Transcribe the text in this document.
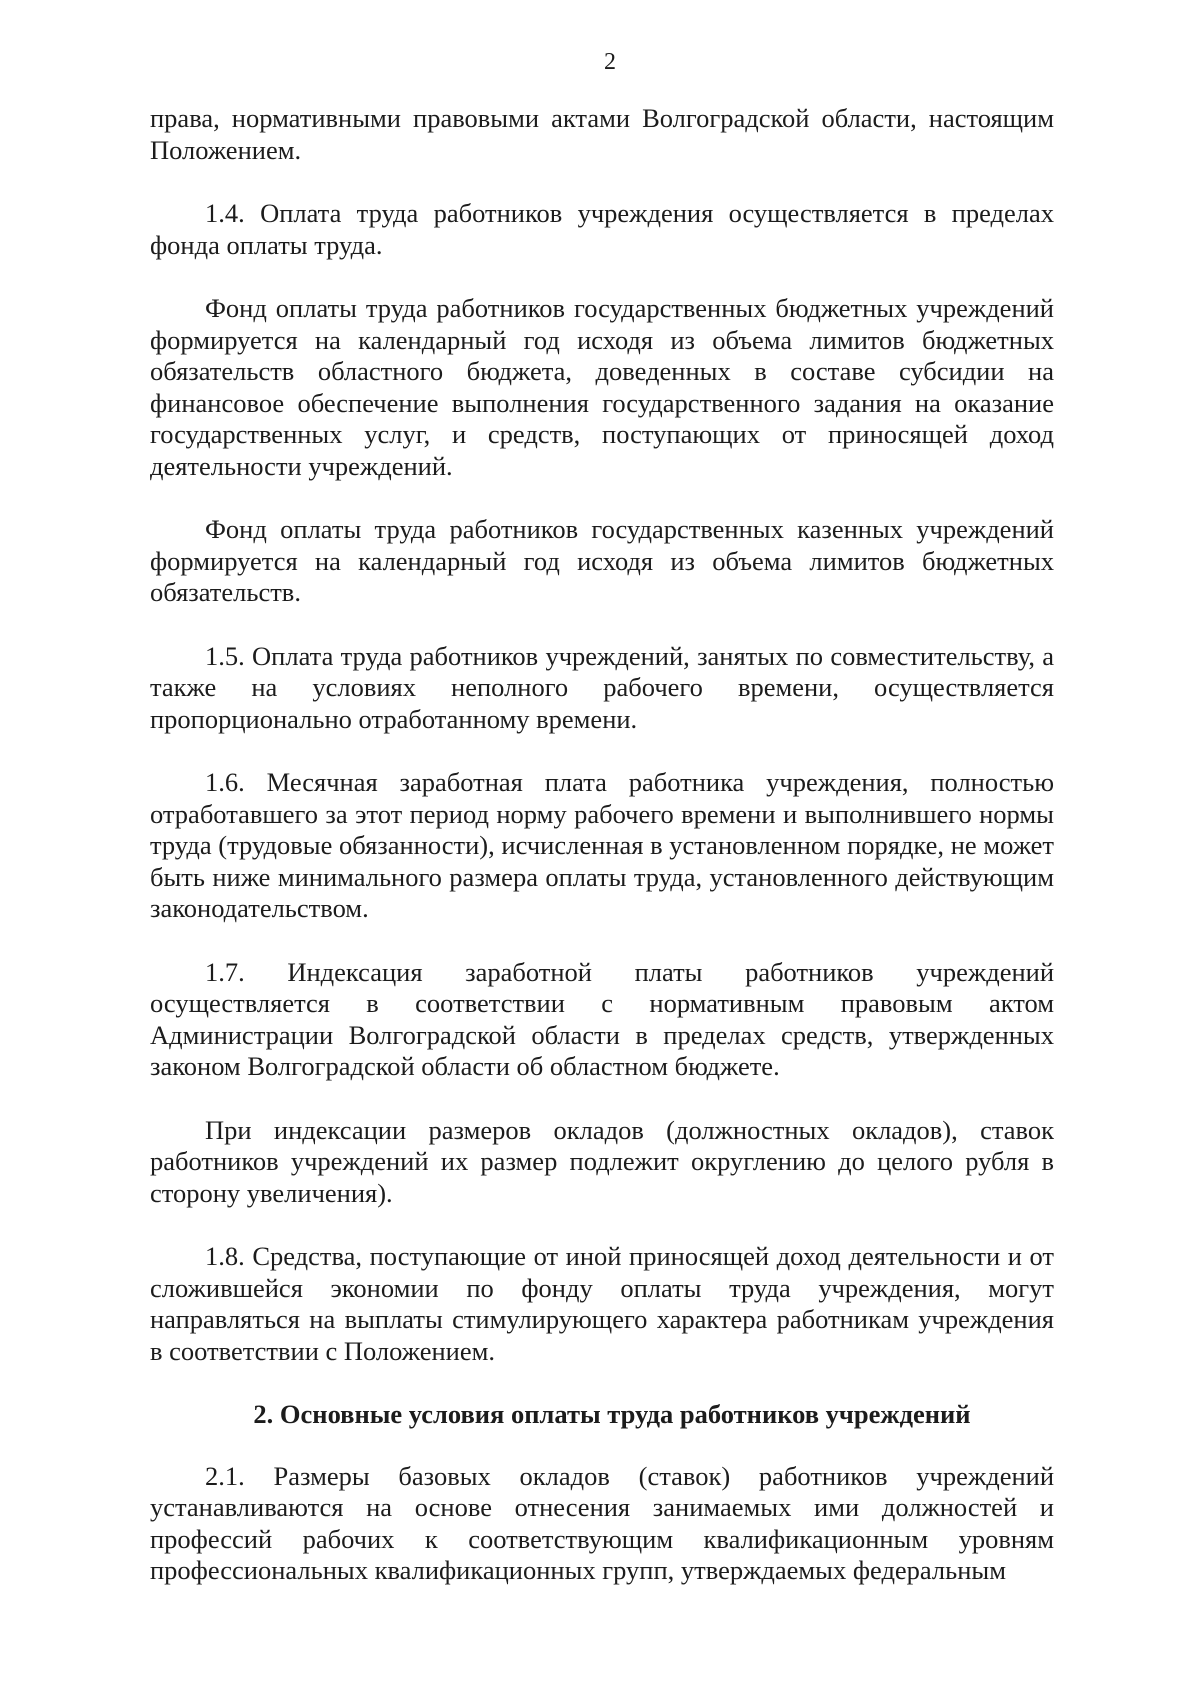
2

права, нормативными правовыми актами Волгоградской области, настоящим Положением.

1.4. Оплата труда работников учреждения осуществляется в пределах фонда оплаты труда.

Фонд оплаты труда работников государственных бюджетных учреждений формируется на календарный год исходя из объема лимитов бюджетных обязательств областного бюджета, доведенных в составе субсидии на финансовое обеспечение выполнения государственного задания на оказание государственных услуг, и средств, поступающих от приносящей доход деятельности учреждений.

Фонд оплаты труда работников государственных казенных учреждений формируется на календарный год исходя из объема лимитов бюджетных обязательств.

1.5. Оплата труда работников учреждений, занятых по совместительству, а также на условиях неполного рабочего времени, осуществляется пропорционально отработанному времени.

1.6. Месячная заработная плата работника учреждения, полностью отработавшего за этот период норму рабочего времени и выполнившего нормы труда (трудовые обязанности), исчисленная в установленном порядке, не может быть ниже минимального размера оплаты труда, установленного действующим законодательством.

1.7. Индексация заработной платы работников учреждений осуществляется в соответствии с нормативным правовым актом Администрации Волгоградской области в пределах средств, утвержденных законом Волгоградской области об областном бюджете.

При индексации размеров окладов (должностных окладов), ставок работников учреждений их размер подлежит округлению до целого рубля в сторону увеличения).

1.8. Средства, поступающие от иной приносящей доход деятельности и от сложившейся экономии по фонду оплаты труда учреждения, могут направляться на выплаты стимулирующего характера работникам учреждения в соответствии с Положением.

2. Основные условия оплаты труда работников учреждений

2.1. Размеры базовых окладов (ставок) работников учреждений устанавливаются на основе отнесения занимаемых ими должностей и профессий рабочих к соответствующим квалификационным уровням профессиональных квалификационных групп, утверждаемых федеральным
